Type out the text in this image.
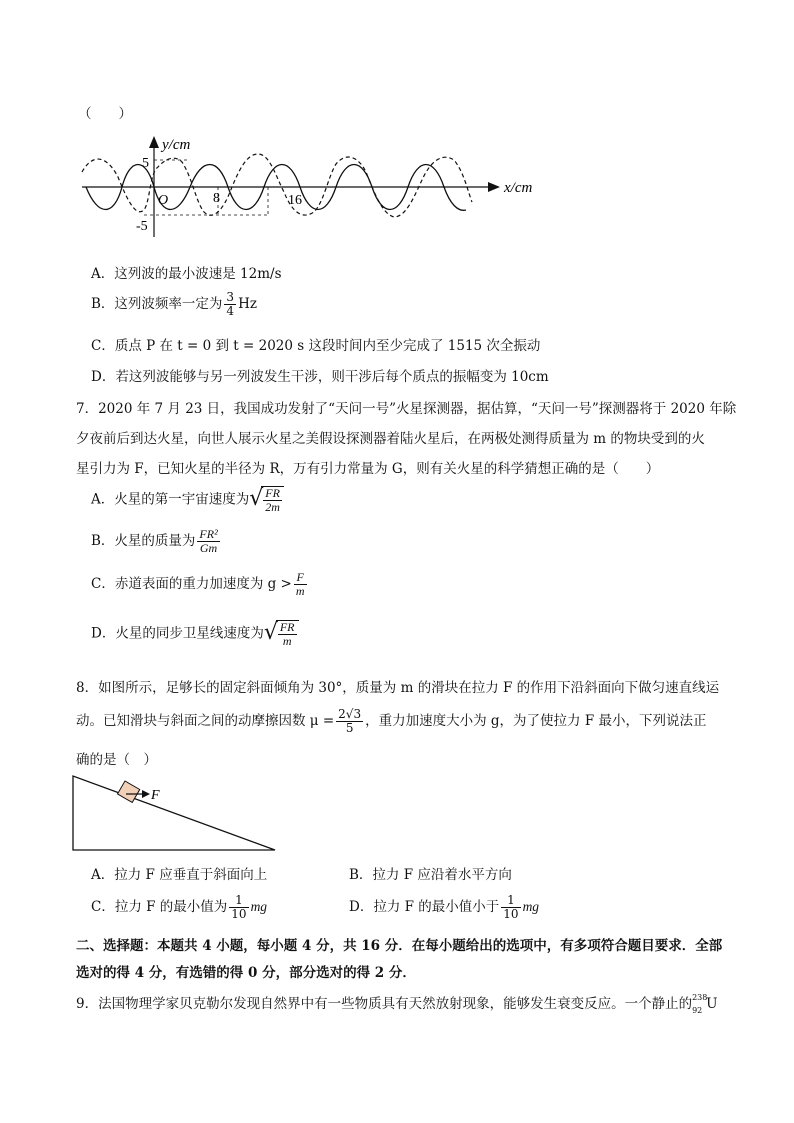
（　　）
y/cm
x/cm
5
-5
O	8	16
A．这列波的最小波速是 12m/s
B．这列波频率一定为 $\frac{3}{4}$ Hz
C．质点 P 在 t = 0 到 t = 2020 s 这段时间内至少完成了 1515 次全振动
D．若这列波能够与另一列波发生干涉，则干涉后每个质点的振幅变为 10cm
7．2020 年 7 月 23 日，我国成功发射了“天问一号”火星探测器，据估算，“天问一号”探测器将于 2020 年除
夕夜前后到达火星，向世人展示火星之美假设探测器着陆火星后，在两极处测得质量为 m 的物块受到的火
星引力为 F，已知火星的半径为 R，万有引力常量为 G，则有关火星的科学猜想正确的是（　　）
A．火星的第一宇宙速度为 √ $\frac{FR}{2m}$
B．火星的质量为 $\frac{\text{FR²}}{Gm}$
C．赤道表面的重力加速度为 $g > \frac{F}{m}$
D．火星的同步卫星线速度为 √ $\frac{FR}{m}$
8．如图所示，足够长的固定斜面倾角为 30°，质量为 m 的滑块在拉力 F 的作用下沿斜面向下做匀速直线运
动。已知滑块与斜面之间的动摩擦因数 $\mu = \frac{2√3}{5}$ ，重力加速度大小为 g，为了使拉力 F 最小，下列说法正
确的是（　）
F
A．拉力 F 应垂直于斜面向上	B．拉力 F 应沿着水平方向
C．拉力 F 的最小值为 $\frac{1}{10}$ mg	D．拉力 F 的最小值小于 $\frac{1}{10}$ mg
二、选择题：本题共 4 小题，每小题 4 分，共 16 分．在每小题给出的选项中，有多项符合题目要求．全部
选对的得 4 分，有选错的得 0 分，部分选对的得 2 分．
9．法国物理学家贝克勒尔发现自然界中有一些物质具有天然放射现象，能够发生衰变反应。一个静止的 238
92 U
